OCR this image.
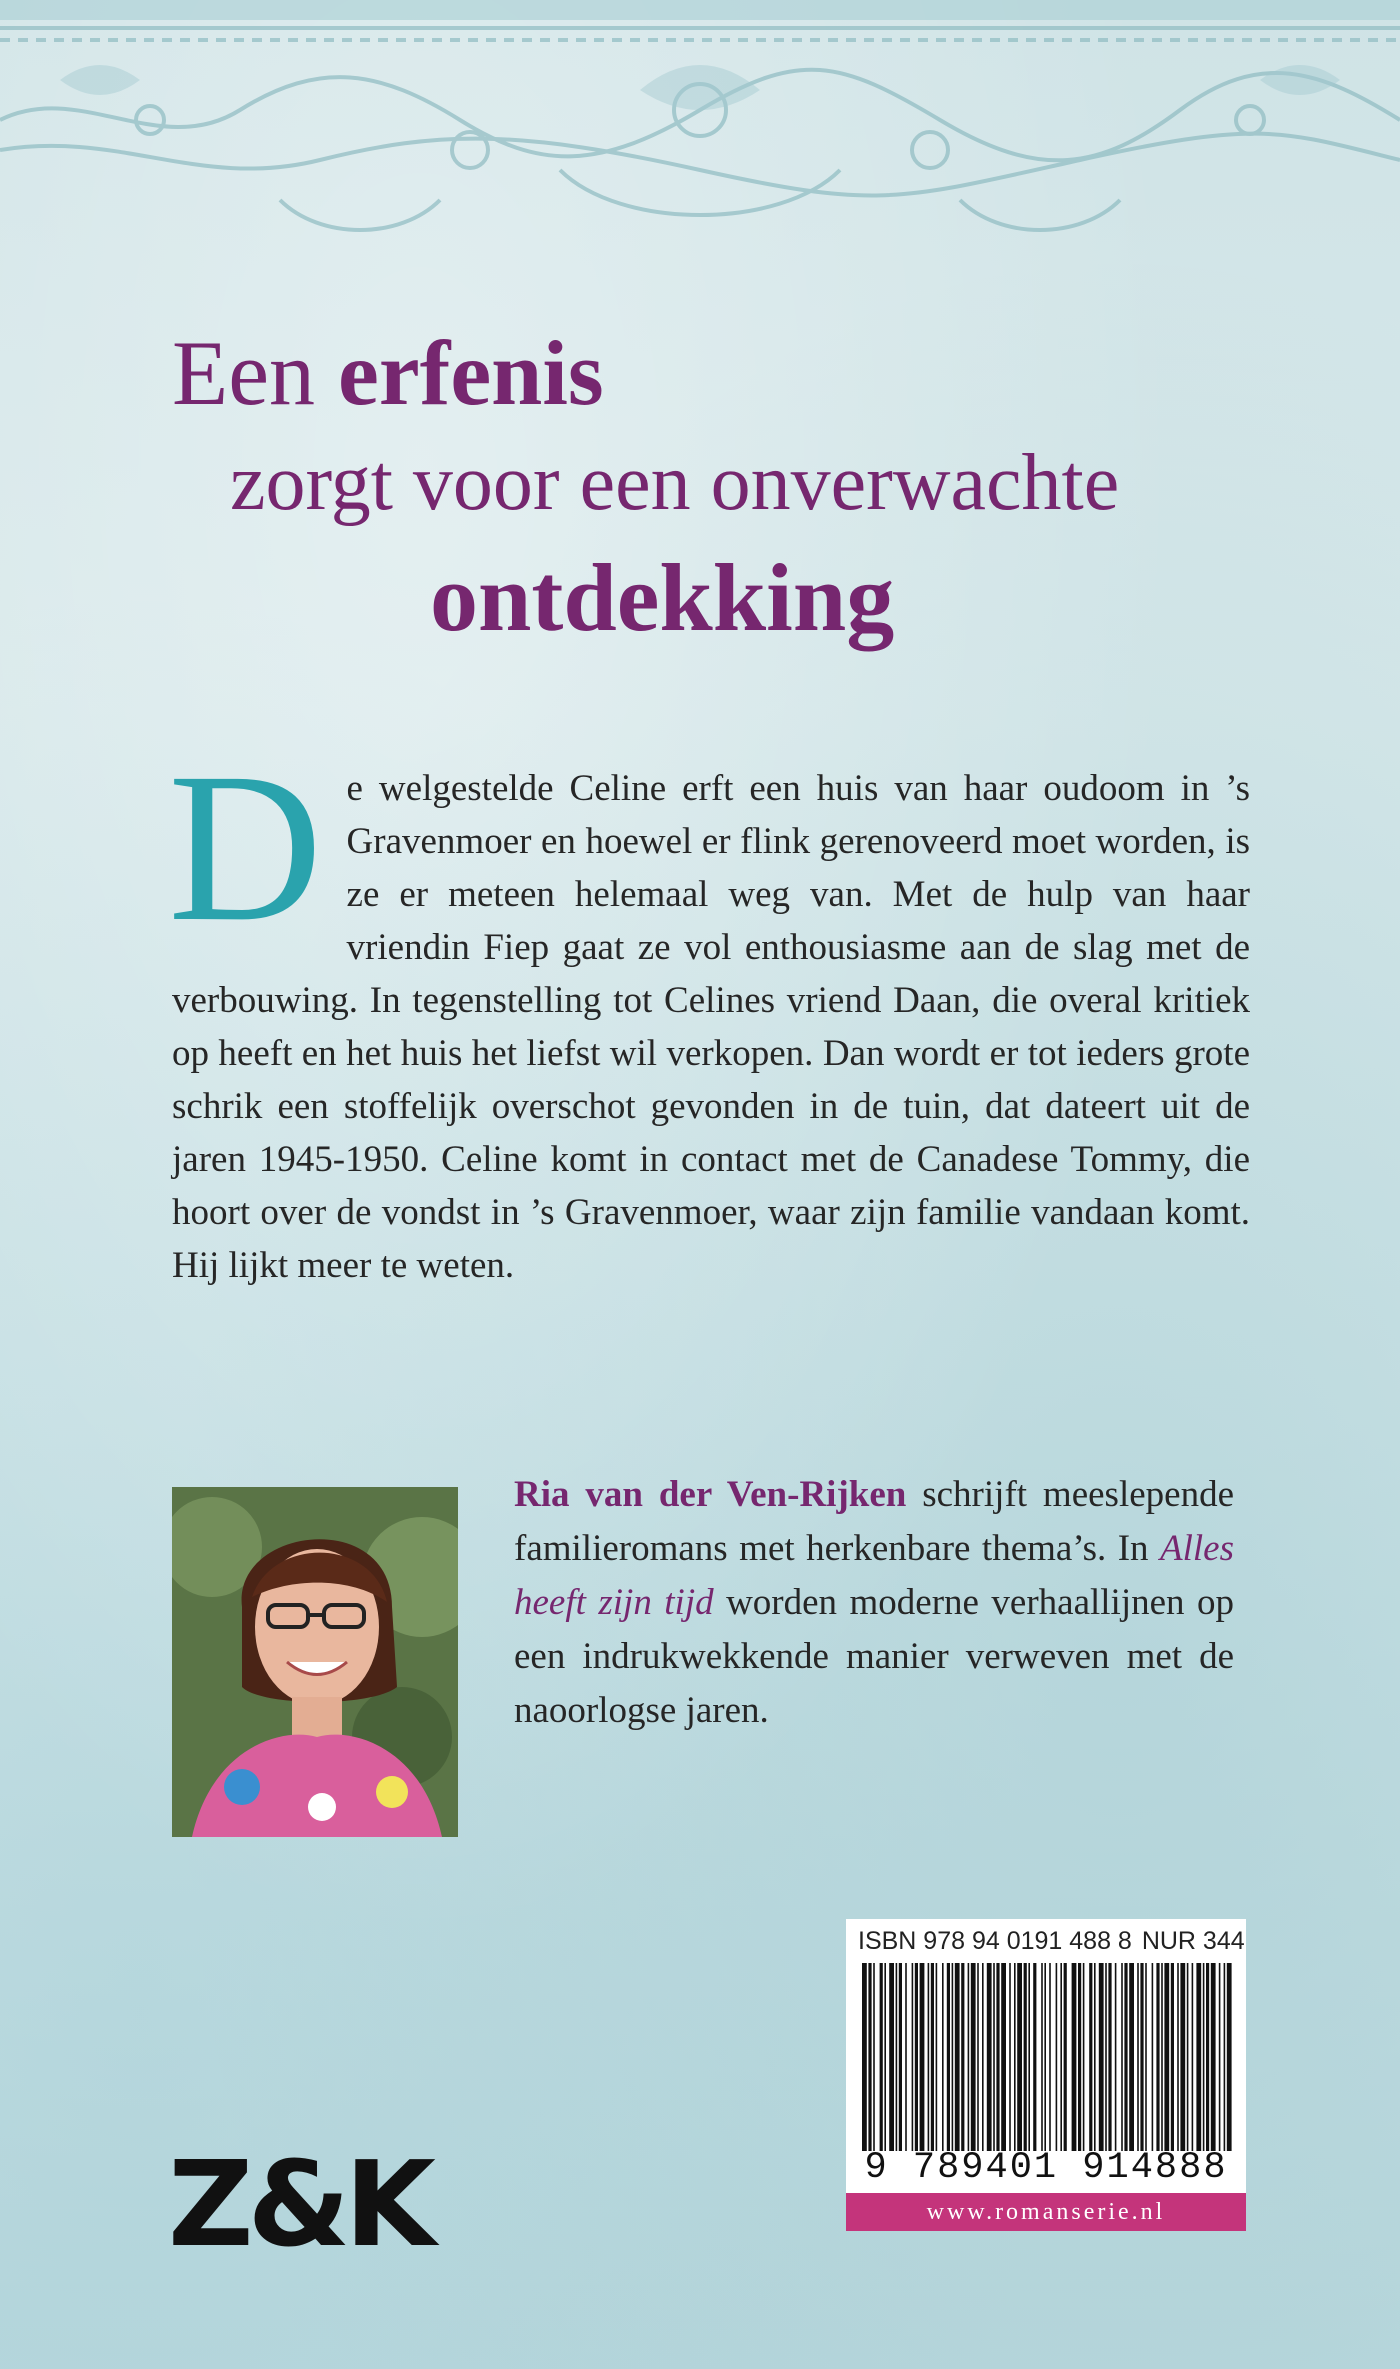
Een erfenis
zorgt voor een onverwachte
ontdekking
De welgestelde Celine erft een huis van haar oudoom in ’s Gravenmoer en hoewel er flink gerenoveerd moet worden, is ze er meteen helemaal weg van. Met de hulp van haar vriendin Fiep gaat ze vol enthousiasme aan de slag met de verbouwing. In tegenstelling tot Celines vriend Daan, die overal kritiek op heeft en het huis het liefst wil verkopen. Dan wordt er tot ieders grote schrik een stoffelijk overschot gevonden in de tuin, dat dateert uit de jaren 1945-1950. Celine komt in contact met de Canadese Tommy, die hoort over de vondst in ’s Gravenmoer, waar zijn familie vandaan komt. Hij lijkt meer te weten.
Ria van der Ven-Rijken schrijft meeslepende familieromans met herkenbare thema’s. In Alles heeft zijn tijd worden moderne verhaallijnen op een indrukwekkende manier verweven met de naoorlogse jaren.
ISBN 978 94 0191 488 8 NUR 344
9 789401 914888
www.romanserie.nl
Z&K
